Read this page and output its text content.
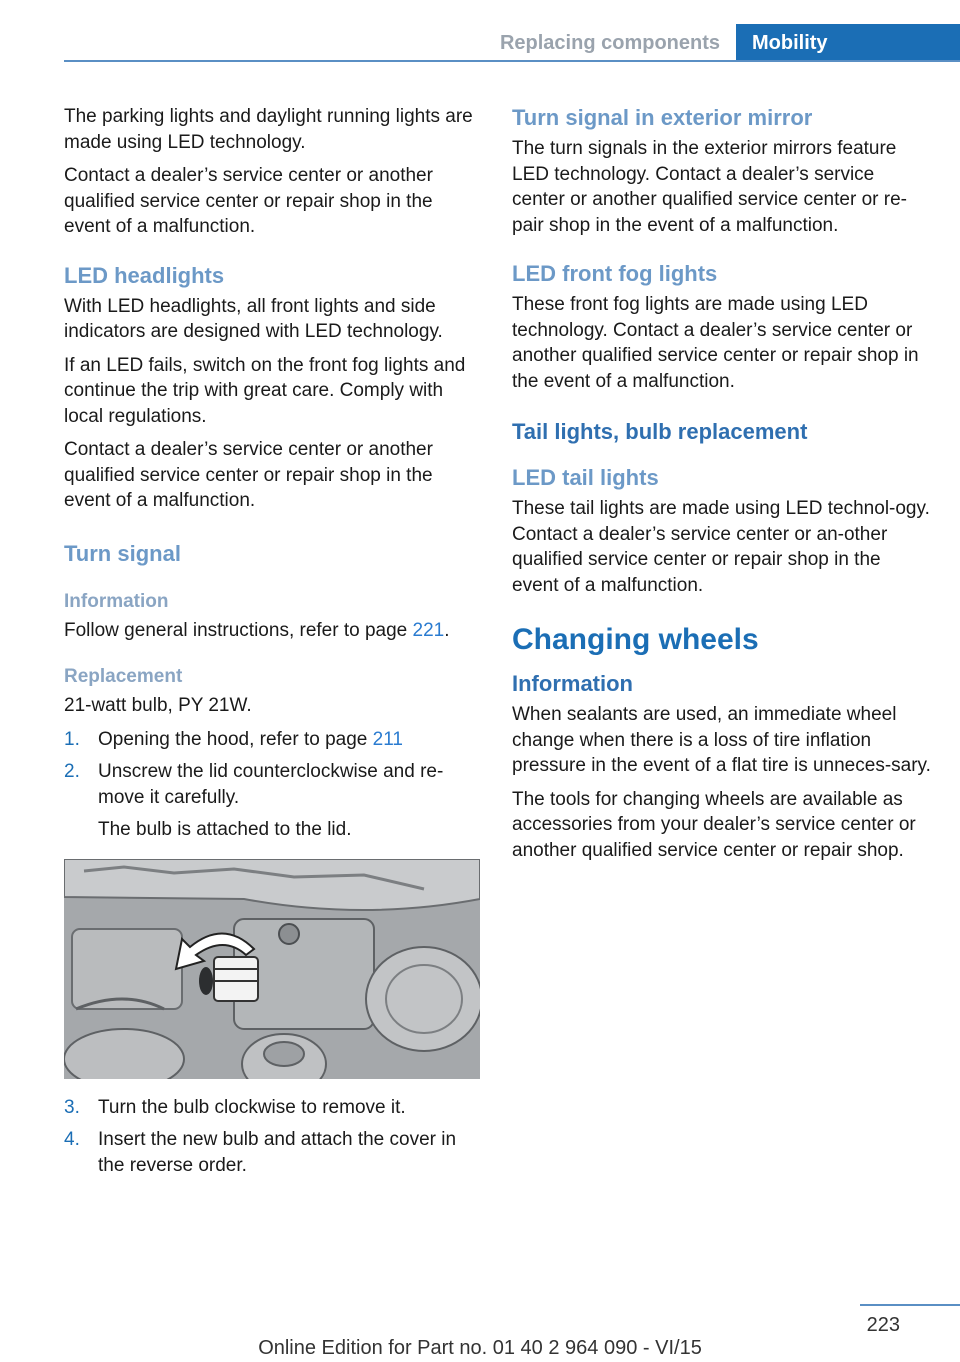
Replacing components	Mobility

The parking lights and daylight running lights are made using LED technology.

Contact a dealer’s service center or another qualified service center or repair shop in the event of a malfunction.

LED headlights

With LED headlights, all front lights and side indicators are designed with LED technology.

If an LED fails, switch on the front fog lights and continue the trip with great care. Comply with local regulations.

Contact a dealer’s service center or another qualified service center or repair shop in the event of a malfunction.

Turn signal
Information

Follow general instructions, refer to page 221.

Replacement

21-watt bulb, PY 21W.

1. Opening the hood, refer to page 211
2. Unscrew the lid counterclockwise and re-move it carefully.
The bulb is attached to the lid.
3. Turn the bulb clockwise to remove it.
4. Insert the new bulb and attach the cover in the reverse order.
Turn signal in exterior mirror

The turn signals in the exterior mirrors feature LED technology. Contact a dealer’s service center or another qualified service center or re-pair shop in the event of a malfunction.

LED front fog lights

These front fog lights are made using LED technology. Contact a dealer’s service center or another qualified service center or repair shop in the event of a malfunction.

Tail lights, bulb replacement
LED tail lights

These tail lights are made using LED technol-ogy. Contact a dealer’s service center or an-other qualified service center or repair shop in the event of a malfunction.

Changing wheels
Information

When sealants are used, an immediate wheel change when there is a loss of tire inflation pressure in the event of a flat tire is unneces-sary.

The tools for changing wheels are available as accessories from your dealer’s service center or another qualified service center or repair shop.

223
Online Edition for Part no. 01 40 2 964 090 - VI/15
